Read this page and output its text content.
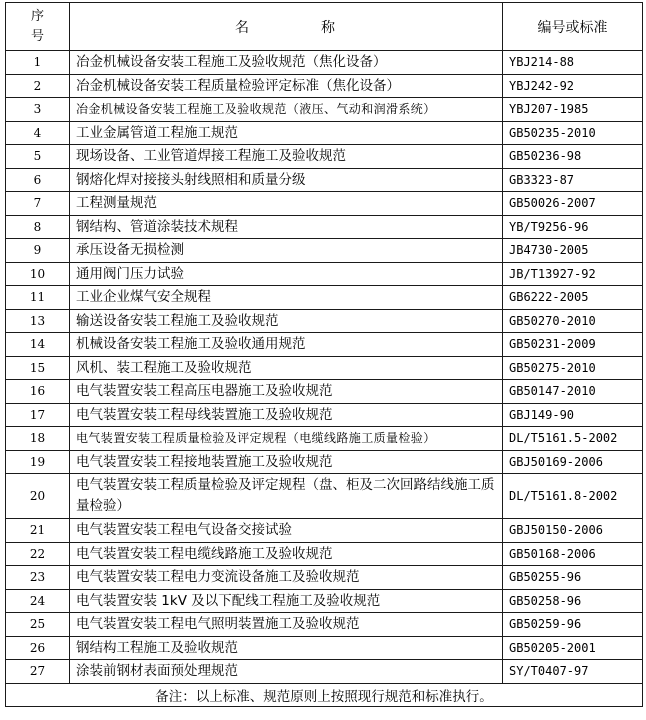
序
号	名 称	编号或标准
1	冶金机械设备安装工程施工及验收规范（焦化设备）	YBJ214-88
2	冶金机械设备安装工程质量检验评定标准（焦化设备）	YBJ242-92
3	冶金机械设备安装工程施工及验收规范（液压、气动和润滑系统）	YBJ207-1985
4	工业金属管道工程施工规范	GB50235-2010
5	现场设备、工业管道焊接工程施工及验收规范	GB50236-98
6	钢熔化焊对接接头射线照相和质量分级	GB3323-87
7	工程测量规范	GB50026-2007
8	钢结构、管道涂装技术规程	YB/T9256-96
9	承压设备无损检测	JB4730-2005
10	通用阀门压力试验	JB/T13927-92
11	工业企业煤气安全规程	GB6222-2005
13	输送设备安装工程施工及验收规范	GB50270-2010
14	机械设备安装工程施工及验收通用规范	GB50231-2009
15	风机、装工程施工及验收规范	GB50275-2010
16	电气装置安装工程高压电器施工及验收规范	GB50147-2010
17	电气装置安装工程母线装置施工及验收规范	GBJ149-90
18	电气装置安装工程质量检验及评定规程（电缆线路施工质量检验）	DL/T5161.5-2002
19	电气装置安装工程接地装置施工及验收规范	GBJ50169-2006
20	电气装置安装工程质量检验及评定规程（盘、柜及二次回路结线施工质量检验）	DL/T5161.8-2002
21	电气装置安装工程电气设备交接试验	GBJ50150-2006
22	电气装置安装工程电缆线路施工及验收规范	GB50168-2006
23	电气装置安装工程电力变流设备施工及验收规范	GB50255-96
24	电气装置安装 1kV 及以下配线工程施工及验收规范	GB50258-96
25	电气装置安装工程电气照明装置施工及验收规范	GB50259-96
26	钢结构工程施工及验收规范	GB50205-2001
27	涂装前钢材表面预处理规范	SY/T0407-97
备注：以上标准、规范原则上按照现行规范和标准执行。		
